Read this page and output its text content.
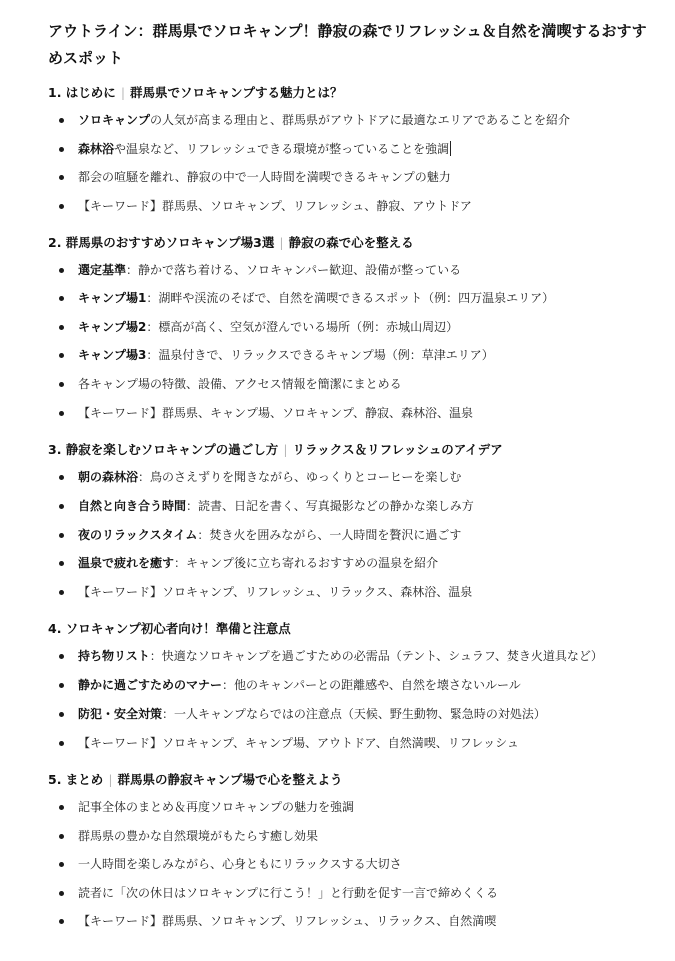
アウトライン：群馬県でソロキャンプ！静寂の森でリフレッシュ＆自然を満喫するおすすめスポット
1. はじめに | 群馬県でソロキャンプする魅力とは？
ソロキャンプの人気が高まる理由と、群馬県がアウトドアに最適なエリアであることを紹介
森林浴や温泉など、リフレッシュできる環境が整っていることを強調
都会の喧騒を離れ、静寂の中で一人時間を満喫できるキャンプの魅力
【キーワード】群馬県、ソロキャンプ、リフレッシュ、静寂、アウトドア
2. 群馬県のおすすめソロキャンプ場3選 | 静寂の森で心を整える
選定基準：静かで落ち着ける、ソロキャンパー歓迎、設備が整っている
キャンプ場1：湖畔や渓流のそばで、自然を満喫できるスポット（例：四万温泉エリア）
キャンプ場2：標高が高く、空気が澄んでいる場所（例：赤城山周辺）
キャンプ場3：温泉付きで、リラックスできるキャンプ場（例：草津エリア）
各キャンプ場の特徴、設備、アクセス情報を簡潔にまとめる
【キーワード】群馬県、キャンプ場、ソロキャンプ、静寂、森林浴、温泉
3. 静寂を楽しむソロキャンプの過ごし方 | リラックス＆リフレッシュのアイデア
朝の森林浴：鳥のさえずりを聞きながら、ゆっくりとコーヒーを楽しむ
自然と向き合う時間：読書、日記を書く、写真撮影などの静かな楽しみ方
夜のリラックスタイム：焚き火を囲みながら、一人時間を贅沢に過ごす
温泉で疲れを癒す：キャンプ後に立ち寄れるおすすめの温泉を紹介
【キーワード】ソロキャンプ、リフレッシュ、リラックス、森林浴、温泉
4. ソロキャンプ初心者向け！準備と注意点
持ち物リスト：快適なソロキャンプを過ごすための必需品（テント、シュラフ、焚き火道具など）
静かに過ごすためのマナー：他のキャンパーとの距離感や、自然を壊さないルール
防犯・安全対策：一人キャンプならではの注意点（天候、野生動物、緊急時の対処法）
【キーワード】ソロキャンプ、キャンプ場、アウトドア、自然満喫、リフレッシュ
5. まとめ | 群馬県の静寂キャンプ場で心を整えよう
記事全体のまとめ＆再度ソロキャンプの魅力を強調
群馬県の豊かな自然環境がもたらす癒し効果
一人時間を楽しみながら、心身ともにリラックスする大切さ
読者に「次の休日はソロキャンプに行こう！」と行動を促す一言で締めくくる
【キーワード】群馬県、ソロキャンプ、リフレッシュ、リラックス、自然満喫
